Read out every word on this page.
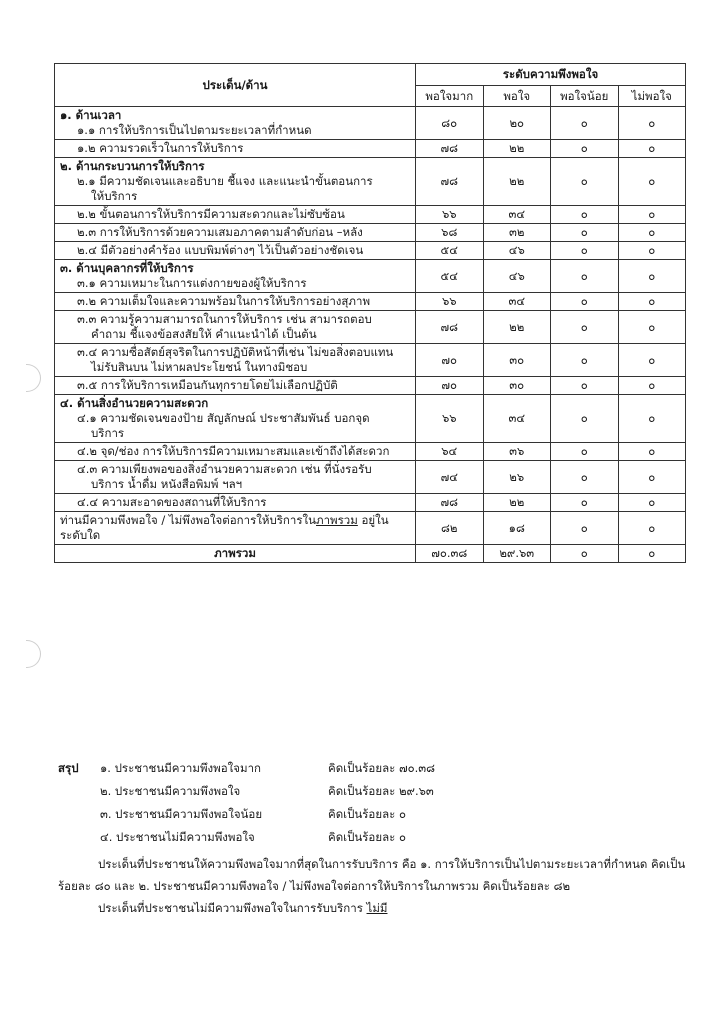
ประเด็น/ด้าน	ระดับความพึงพอใจ			
	พอใจมาก	พอใจ	พอใจน้อย	ไม่พอใจ

๑. ด้านเวลา
๑.๑ การให้บริการเป็นไปตามระยะเวลาที่กำหนด	๘๐	๒๐	๐	๐

๑.๒ ความรวดเร็วในการให้บริการ	๗๘	๒๒	๐	๐

๒. ด้านกระบวนการให้บริการ
๒.๑ มีความชัดเจนและอธิบาย ชี้แจง และแนะนำขั้นตอนการ
ให้บริการ	๗๘	๒๒	๐	๐

๒.๒ ขั้นตอนการให้บริการมีความสะดวกและไม่ซับซ้อน	๖๖	๓๔	๐	๐

๒.๓ การให้บริการด้วยความเสมอภาคตามลำดับก่อน –หลัง	๖๘	๓๒	๐	๐

๒.๔ มีตัวอย่างคำร้อง แบบพิมพ์ต่างๆ ไว้เป็นตัวอย่างชัดเจน	๕๔	๔๖	๐	๐

๓. ด้านบุคลากรที่ให้บริการ
๓.๑ ความเหมาะในการแต่งกายของผู้ให้บริการ	๕๔	๔๖	๐	๐

๓.๒ ความเต็มใจและความพร้อมในการให้บริการอย่างสุภาพ	๖๖	๓๔	๐	๐

๓.๓ ความรู้ความสามารถในการให้บริการ เช่น สามารถตอบ
คำถาม ชี้แจงข้อสงสัยให้ คำแนะนำได้ เป็นต้น	๗๘	๒๒	๐	๐

๓.๔ ความซื่อสัตย์สุจริตในการปฏิบัติหน้าที่เช่น ไม่ขอสิ่งตอบแทน
ไม่รับสินบน ไม่หาผลประโยชน์ ในทางมิชอบ	๗๐	๓๐	๐	๐

๓.๕ การให้บริการเหมือนกันทุกรายโดยไม่เลือกปฏิบัติ	๗๐	๓๐	๐	๐

๔. ด้านสิ่งอำนวยความสะดวก
๔.๑ ความชัดเจนของป้าย สัญลักษณ์ ประชาสัมพันธ์ บอกจุด
บริการ	๖๖	๓๔	๐	๐

๔.๒ จุด/ช่อง การให้บริการมีความเหมาะสมและเข้าถึงได้สะดวก	๖๔	๓๖	๐	๐

๔.๓ ความเพียงพอของสิ่งอำนวยความสะดวก เช่น ที่นั่งรอรับ
บริการ น้ำดื่ม หนังสือพิมพ์ ฯลฯ	๗๔	๒๖	๐	๐

๔.๔ ความสะอาดของสถานที่ให้บริการ	๗๘	๒๒	๐	๐
ท่านมีความพึงพอใจ / ไม่พึงพอใจต่อการให้บริการในภาพรวม อยู่ในระดับใด	๘๒	๑๘	๐	๐
ภาพรวม	๗๐.๓๘	๒๙.๖๓	๐	๐
สรุป	๑. ประชาชนมีความพึงพอใจมาก	คิดเป็นร้อยละ ๗๐.๓๘
๒. ประชาชนมีความพึงพอใจ	คิดเป็นร้อยละ ๒๙.๖๓
๓. ประชาชนมีความพึงพอใจน้อย	คิดเป็นร้อยละ ๐
๔. ประชาชนไม่มีความพึงพอใจ	คิดเป็นร้อยละ ๐
ประเด็นที่ประชาชนให้ความพึงพอใจมากที่สุดในการรับบริการ คือ ๑. การให้บริการเป็นไปตามระยะเวลาที่กำหนด คิดเป็นร้อยละ ๘๐ และ ๒. ประชาชนมีความพึงพอใจ / ไม่พึงพอใจต่อการให้บริการในภาพรวม คิดเป็นร้อยละ ๘๒
ประเด็นที่ประชาชนไม่มีความพึงพอใจในการรับบริการ ไม่มี
